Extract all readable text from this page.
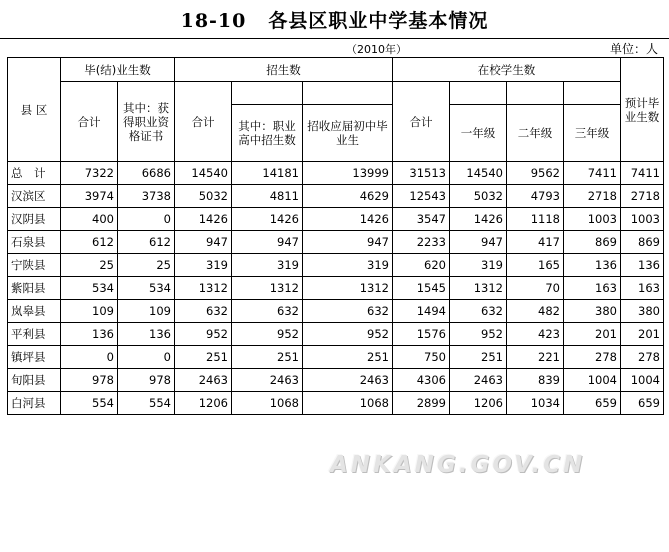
18-10 各县区职业中学基本情况
（2010年）	单位：人
县 区	毕(结)业生数		招生数			在校学生数				预计毕业生数
	合计	其中：获得职业资格证书	合计			合计				
				其中：职业高中招生数	招收应届初中毕业生		一年级	二年级	三年级	
总　计	7322	6686	14540	14181	13999	31513	14540	9562	7411	7411
汉滨区	3974	3738	5032	4811	4629	12543	5032	4793	2718	2718
汉阴县	400	0	1426	1426	1426	3547	1426	1118	1003	1003
石泉县	612	612	947	947	947	2233	947	417	869	869
宁陕县	25	25	319	319	319	620	319	165	136	136
紫阳县	534	534	1312	1312	1312	1545	1312	70	163	163
岚皋县	109	109	632	632	632	1494	632	482	380	380
平利县	136	136	952	952	952	1576	952	423	201	201
镇坪县	0	0	251	251	251	750	251	221	278	278
旬阳县	978	978	2463	2463	2463	4306	2463	839	1004	1004
白河县	554	554	1206	1068	1068	2899	1206	1034	659	659
ANKANG.GOV.CN
